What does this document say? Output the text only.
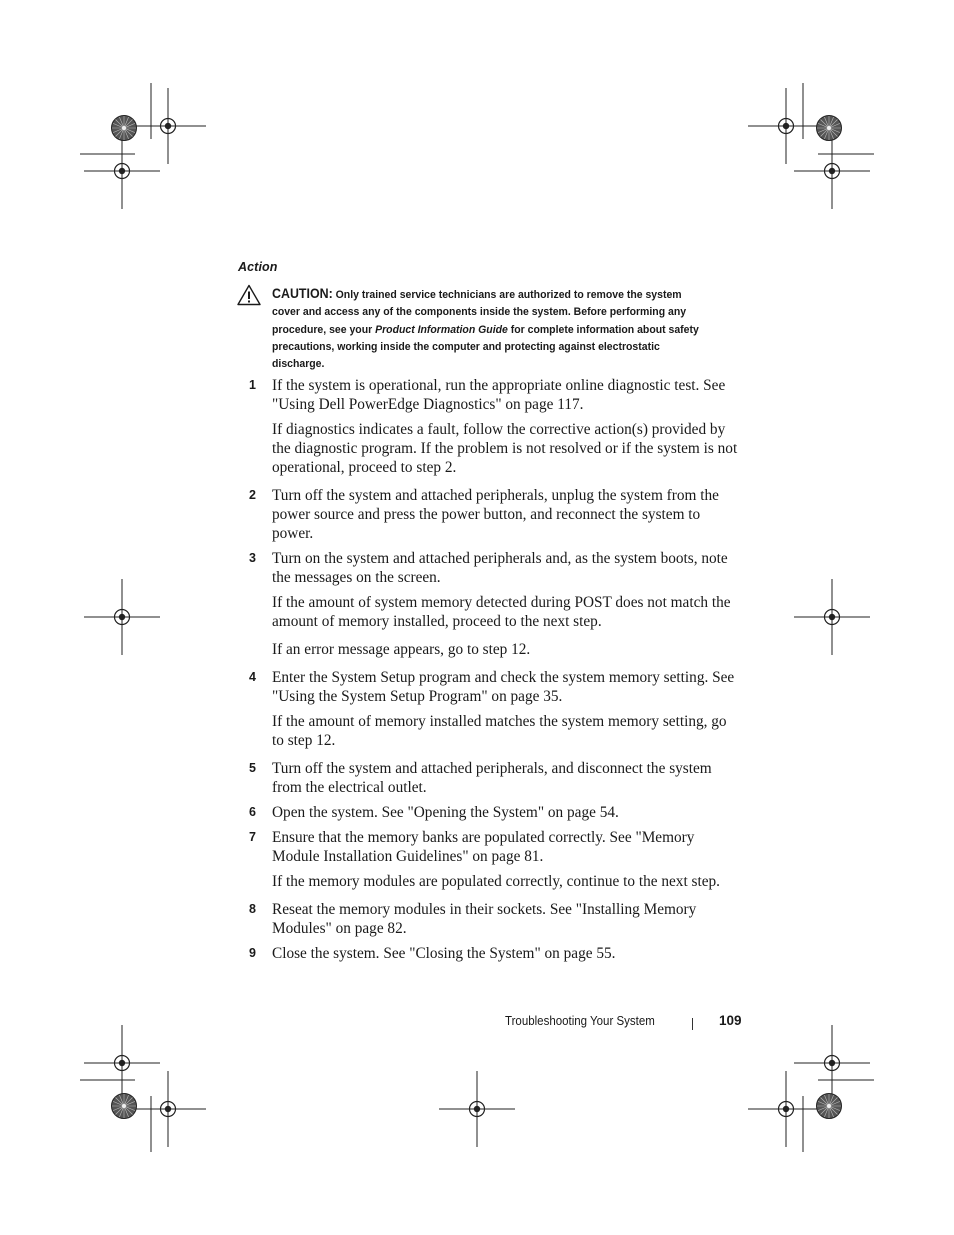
Action
CAUTION: Only trained service technicians are authorized to remove the system cover and access any of the components inside the system. Before performing any procedure, see your Product Information Guide for complete information about safety precautions, working inside the computer and protecting against electrostatic discharge.
1 If the system is operational, run the appropriate online diagnostic test. See "Using Dell PowerEdge Diagnostics" on page 117.

If diagnostics indicates a fault, follow the corrective action(s) provided by the diagnostic program. If the problem is not resolved or if the system is not operational, proceed to step 2.

2 Turn off the system and attached peripherals, unplug the system from the power source and press the power button, and reconnect the system to power.

3 Turn on the system and attached peripherals and, as the system boots, note the messages on the screen.

If the amount of system memory detected during POST does not match the amount of memory installed, proceed to the next step.

If an error message appears, go to step 12.

4 Enter the System Setup program and check the system memory setting. See "Using the System Setup Program" on page 35.

If the amount of memory installed matches the system memory setting, go to step 12.

5 Turn off the system and attached peripherals, and disconnect the system from the electrical outlet.

6 Open the system. See "Opening the System" on page 54.

7 Ensure that the memory banks are populated correctly. See "Memory Module Installation Guidelines" on page 81.

If the memory modules are populated correctly, continue to the next step.

8 Reseat the memory modules in their sockets. See "Installing Memory Modules" on page 82.

9 Close the system. See "Closing the System" on page 55.

Troubleshooting Your System	109
